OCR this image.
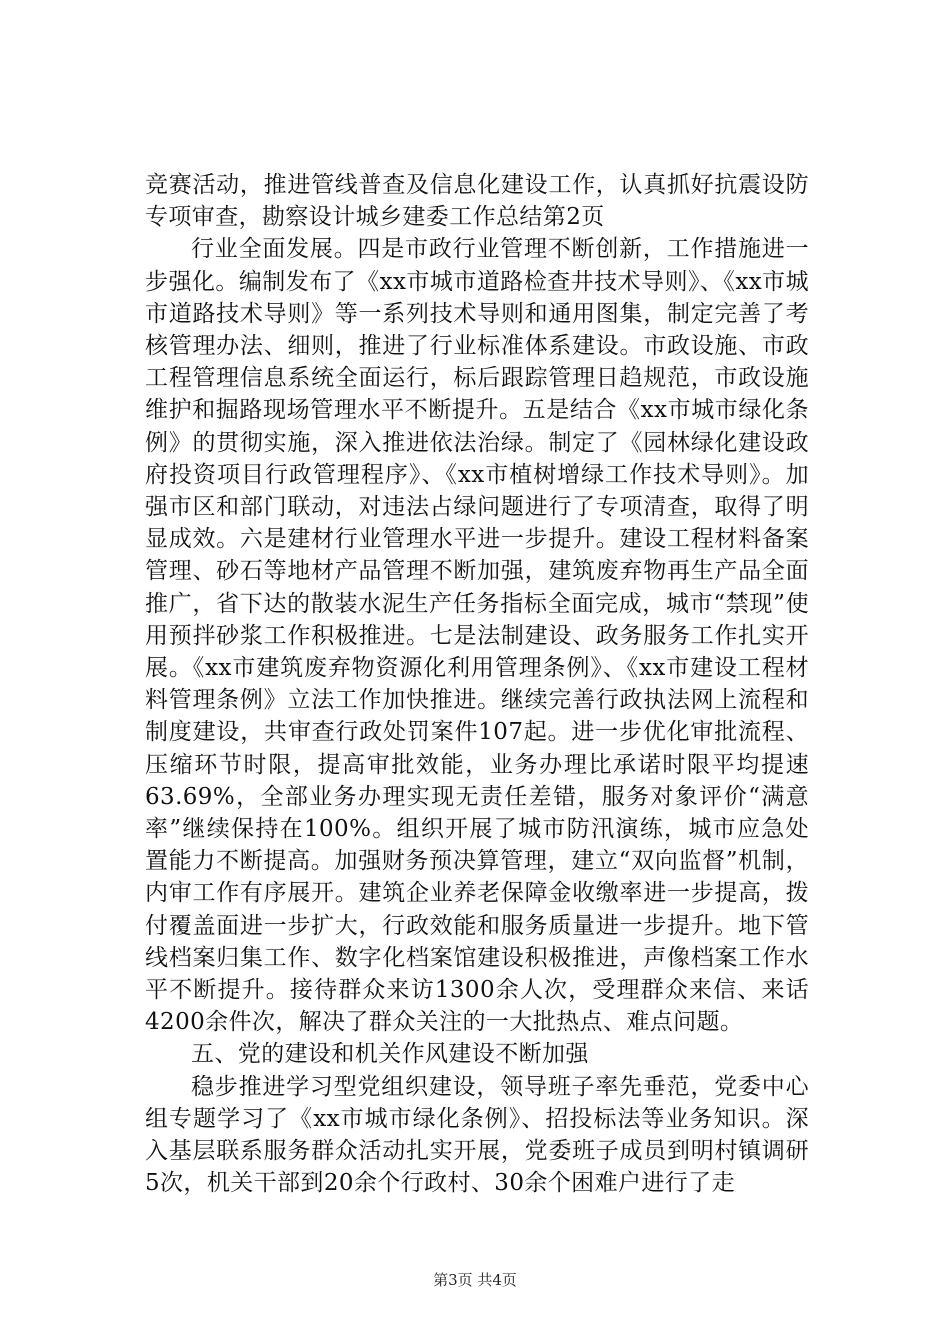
竞赛活动，推进管线普查及信息化建设工作，认真抓好抗震设防专项审查，勘察设计城乡建委工作总结第2页

行业全面发展。四是市政行业管理不断创新，工作措施进一步强化。编制发布了《xx市城市道路检查井技术导则》、《xx市城市道路技术导则》等一系列技术导则和通用图集，制定完善了考核管理办法、细则，推进了行业标准体系建设。市政设施、市政工程管理信息系统全面运行，标后跟踪管理日趋规范，市政设施维护和掘路现场管理水平不断提升。五是结合《xx市城市绿化条例》的贯彻实施，深入推进依法治绿。制定了《园林绿化建设政府投资项目行政管理程序》、《xx市植树增绿工作技术导则》。加强市区和部门联动，对违法占绿问题进行了专项清查，取得了明显成效。六是建材行业管理水平进一步提升。建设工程材料备案管理、砂石等地材产品管理不断加强，建筑废弃物再生产品全面推广，省下达的散装水泥生产任务指标全面完成，城市“禁现”使用预拌砂浆工作积极推进。七是法制建设、政务服务工作扎实开展。《xx市建筑废弃物资源化利用管理条例》、《xx市建设工程材料管理条例》立法工作加快推进。继续完善行政执法网上流程和制度建设，共审查行政处罚案件107起。进一步优化审批流程、压缩环节时限，提高审批效能，业务办理比承诺时限平均提速63.69%，全部业务办理实现无责任差错，服务对象评价“满意率”继续保持在100%。组织开展了城市防汛演练，城市应急处置能力不断提高。加强财务预决算管理，建立“双向监督”机制，内审工作有序展开。建筑企业养老保障金收缴率进一步提高，拨付覆盖面进一步扩大，行政效能和服务质量进一步提升。地下管线档案归集工作、数字化档案馆建设积极推进，声像档案工作水平不断提升。接待群众来访1300余人次，受理群众来信、来话4200余件次，解决了群众关注的一大批热点、难点问题。

五、党的建设和机关作风建设不断加强

稳步推进学习型党组织建设，领导班子率先垂范，党委中心组专题学习了《xx市城市绿化条例》、招投标法等业务知识。深入基层联系服务群众活动扎实开展，党委班子成员到明村镇调研5次，机关干部到20余个行政村、30余个困难户进行了走

第3页 共4页
